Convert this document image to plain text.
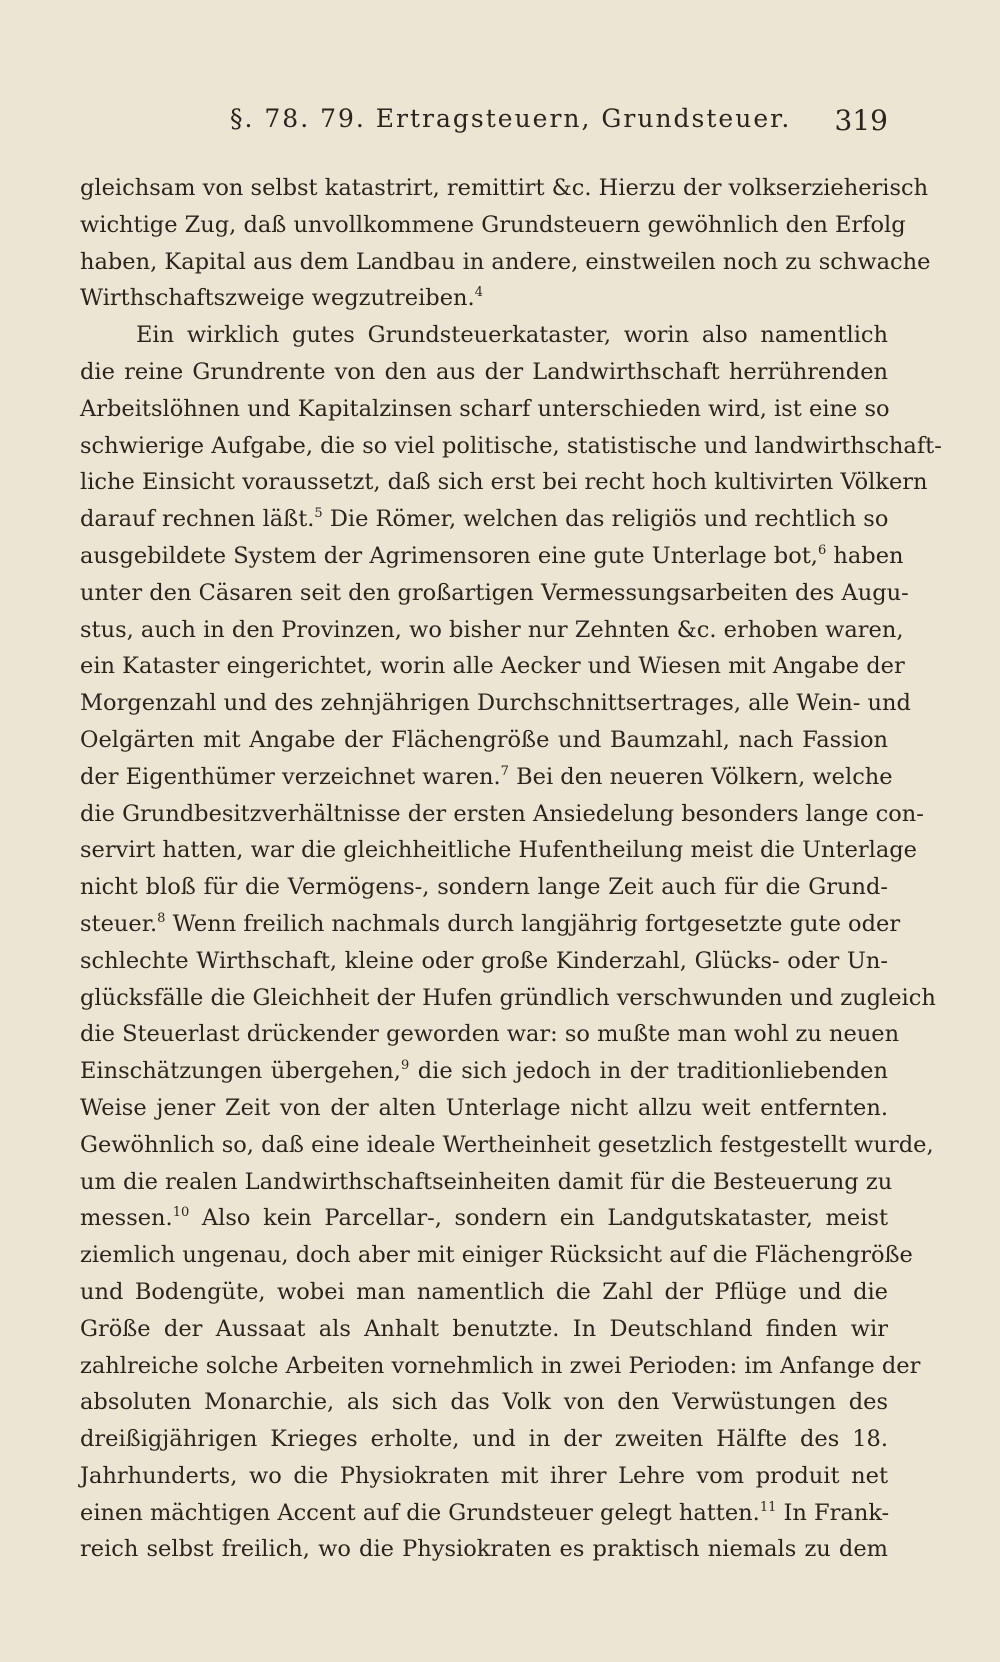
§. 78. 79. Ertragsteuern, Grundsteuer. 319
gleichsam von selbst katastrirt, remittirt &c. Hierzu der volkserzieherisch
wichtige Zug, daß unvollkommene Grundsteuern gewöhnlich den Erfolg
haben, Kapital aus dem Landbau in andere, einstweilen noch zu schwache
Wirthschaftszweige wegzutreiben.$^4$
Ein wirklich gutes Grundsteuerkataster, worin also namentlich
die reine Grundrente von den aus der Landwirthschaft herrührenden
Arbeitslöhnen und Kapitalzinsen scharf unterschieden wird, ist eine so
schwierige Aufgabe, die so viel politische, statistische und landwirthschaft-
liche Einsicht voraussetzt, daß sich erst bei recht hoch kultivirten Völkern
darauf rechnen läßt.$^5$ Die Römer, welchen das religiös und rechtlich so
ausgebildete System der Agrimensoren eine gute Unterlage bot,$^6$ haben
unter den Cäsaren seit den großartigen Vermessungsarbeiten des Augu-
stus, auch in den Provinzen, wo bisher nur Zehnten &c. erhoben waren,
ein Kataster eingerichtet, worin alle Aecker und Wiesen mit Angabe der
Morgenzahl und des zehnjährigen Durchschnittsertrages, alle Wein- und
Oelgärten mit Angabe der Flächengröße und Baumzahl, nach Fassion
der Eigenthümer verzeichnet waren.$^7$ Bei den neueren Völkern, welche
die Grundbesitzverhältnisse der ersten Ansiedelung besonders lange con-
servirt hatten, war die gleichheitliche Hufentheilung meist die Unterlage
nicht bloß für die Vermögens-, sondern lange Zeit auch für die Grund-
steuer.$^8$ Wenn freilich nachmals durch langjährig fortgesetzte gute oder
schlechte Wirthschaft, kleine oder große Kinderzahl, Glücks- oder Un-
glücksfälle die Gleichheit der Hufen gründlich verschwunden und zugleich
die Steuerlast drückender geworden war: so mußte man wohl zu neuen
Einschätzungen übergehen,$^9$ die sich jedoch in der traditionliebenden
Weise jener Zeit von der alten Unterlage nicht allzu weit entfernten.
Gewöhnlich so, daß eine ideale Wertheinheit gesetzlich festgestellt wurde,
um die realen Landwirthschaftseinheiten damit für die Besteuerung zu
messen.$^{10}$ Also kein Parcellar-, sondern ein Landgutskataster, meist
ziemlich ungenau, doch aber mit einiger Rücksicht auf die Flächengröße
und Bodengüte, wobei man namentlich die Zahl der Pflüge und die
Größe der Aussaat als Anhalt benutzte. In Deutschland finden wir
zahlreiche solche Arbeiten vornehmlich in zwei Perioden: im Anfange der
absoluten Monarchie, als sich das Volk von den Verwüstungen des
dreißigjährigen Krieges erholte, und in der zweiten Hälfte des 18.
Jahrhunderts, wo die Physiokraten mit ihrer Lehre vom produit net
einen mächtigen Accent auf die Grundsteuer gelegt hatten.$^{11}$ In Frank-
reich selbst freilich, wo die Physiokraten es praktisch niemals zu dem
